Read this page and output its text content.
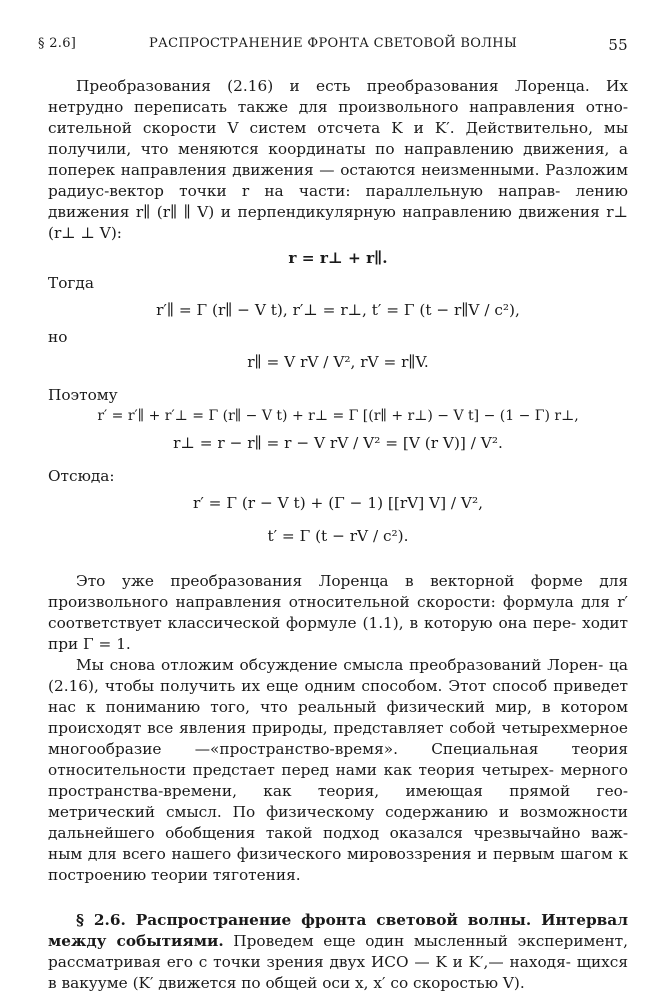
§ 2.6]	РАСПРОСТРАНЕНИЕ ФРОНТА СВЕТОВОЙ ВОЛНЫ	55

Преобразования (2.16) и есть преобразования Лоренца. Их нетрудно переписать также для произвольного направления отно- сительной скорости V систем отсчета K и K′. Действительно, мы получили, что меняются координаты по направлению движения, а поперек направления движения — остаются неизменными. Разложим радиус-вектор точки r на части: параллельную направ- лению движения r∥ (r∥ ∥ V) и перпендикулярную направлению движения r⊥ (r⊥ ⊥ V):

r = r⊥ + r∥.

Тогда

r′∥ = Γ (r∥ − V t), r′⊥ = r⊥, t′ = Γ (t − r∥V / c²),

но

r∥ = V rV / V², rV = r∥V.

Поэтому

r′ = r′∥ + r′⊥ = Γ (r∥ − V t) + r⊥ = Γ [(r∥ + r⊥) − V t] − (1 − Γ) r⊥,

r⊥ = r − r∥ = r − V rV / V² = [V (r V)] / V².

Отсюда:

r′ = Γ (r − V t) + (Γ − 1) [[rV] V] / V²,

t′ = Γ (t − rV / c²).

Это уже преобразования Лоренца в векторной форме для произвольного направления относительной скорости: формула для r′ соответствует классической формуле (1.1), в которую она пере- ходит при Γ = 1.

Мы снова отложим обсуждение смысла преобразований Лорен- ца (2.16), чтобы получить их еще одним способом. Этот способ приведет нас к пониманию того, что реальный физический мир, в котором происходят все явления природы, представляет собой четырехмерное многообразие —«пространство-время». Специальная теория относительности предстает перед нами как теория четырех- мерного пространства-времени, как теория, имеющая прямой гео- метрический смысл. По физическому содержанию и возможности дальнейшего обобщения такой подход оказался чрезвычайно важ- ным для всего нашего физического мировоззрения и первым шагом к построению теории тяготения.

§ 2.6. Распространение фронта световой волны. Интервал между событиями. Проведем еще один мысленный эксперимент, рассматривая его с точки зрения двух ИСО — K и K′,— находя- щихся в вакууме (K′ движется по общей оси x, x′ со скоростью V).
